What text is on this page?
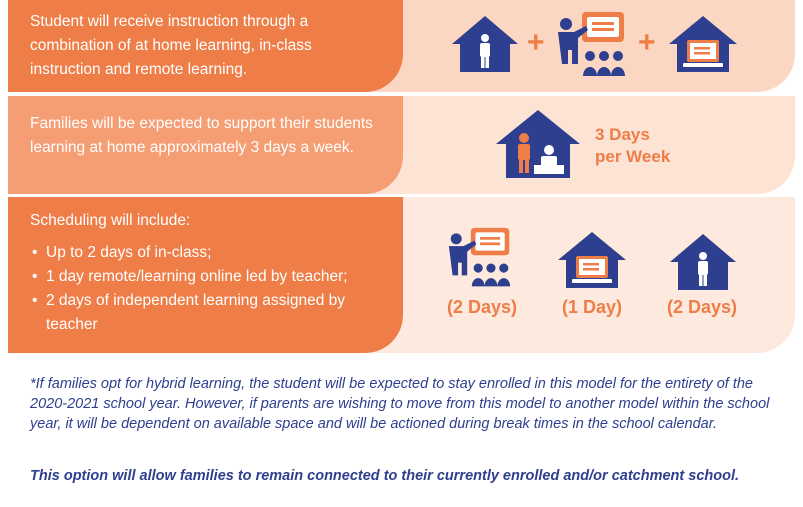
Student will receive instruction through a combination of at home learning, in-class instruction and remote learning.
Families will be expected to support their students learning at home approximately 3 days a week.
Scheduling will include:
• Up to 2 days of in-class;
• 1 day remote/learning online led by teacher;
• 2 days of independent learning assigned by teacher
+	+
3 Days
per Week
(2 Days)	(1 Day)	(2 Days)
*If families opt for hybrid learning, the student will be expected to stay enrolled in this model for the entirety of the 2020-2021 school year. However, if parents are wishing to move from this model to another model within the school year, it will be dependent on available space and will be actioned during break times in the school calendar.
This option will allow families to remain connected to their currently enrolled and/or catchment school.
